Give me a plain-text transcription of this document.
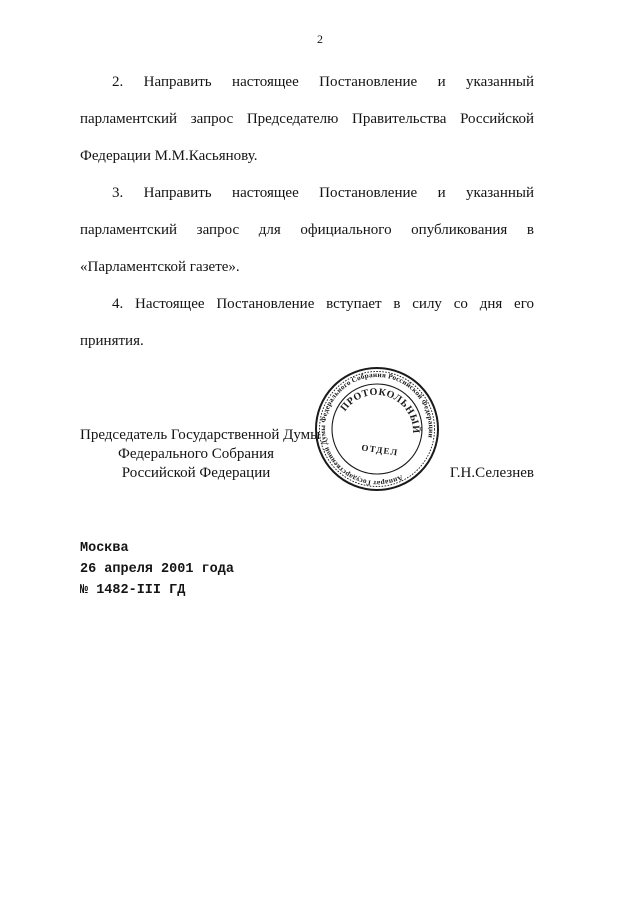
2

2. Направить настоящее Постановление и указанный
парламентский запрос Председателю Правительства Российской
Федерации М.М.Касьянову.

3. Направить настоящее Постановление и указанный
парламентский запрос для официального опубликования в
«Парламентской газете».

4. Настоящее Постановление вступает в силу со дня его
принятия.

Председатель Государственной Думы
Федерального Собрания
Российской Федерации	Г.Н.Селезнев
Аппарат Государственной Думы Федерального Собрания Российской Федерации
ПРОТОКОЛЬНЫЙ
ОТДЕЛ
Москва
26 апреля 2001 года
№ 1482-III ГД
